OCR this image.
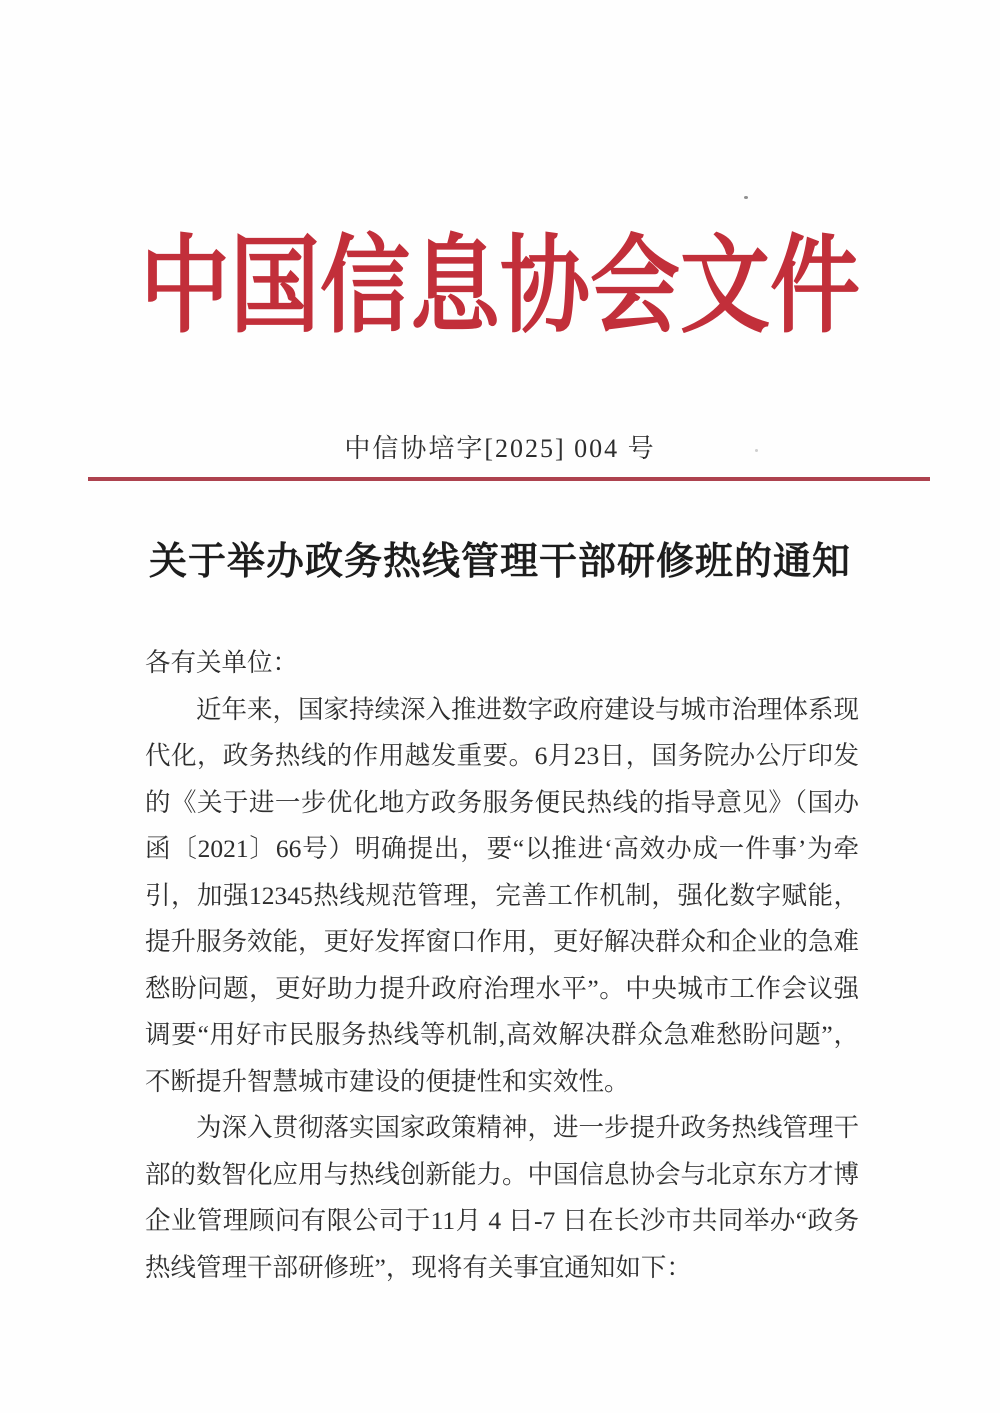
中国信息协会文件
中信协培字[2025] 004 号
关于举办政务热线管理干部研修班的通知

各有关单位：

近年来，国家持续深入推进数字政府建设与城市治理体系现代化，政务热线的作用越发重要。6月23日，国务院办公厅印发的《关于进一步优化地方政务服务便民热线的指导意见》（国办函〔2021〕66号）明确提出，要“以推进‘高效办成一件事’为牵引，加强12345热线规范管理，完善工作机制，强化数字赋能，提升服务效能，更好发挥窗口作用，更好解决群众和企业的急难愁盼问题，更好助力提升政府治理水平”。中央城市工作会议强调要“用好市民服务热线等机制,高效解决群众急难愁盼问题”，不断提升智慧城市建设的便捷性和实效性。

为深入贯彻落实国家政策精神，进一步提升政务热线管理干部的数智化应用与热线创新能力。中国信息协会与北京东方才博企业管理顾问有限公司于11月 4 日-7 日在长沙市共同举办“政务热线管理干部研修班”，现将有关事宜通知如下：
